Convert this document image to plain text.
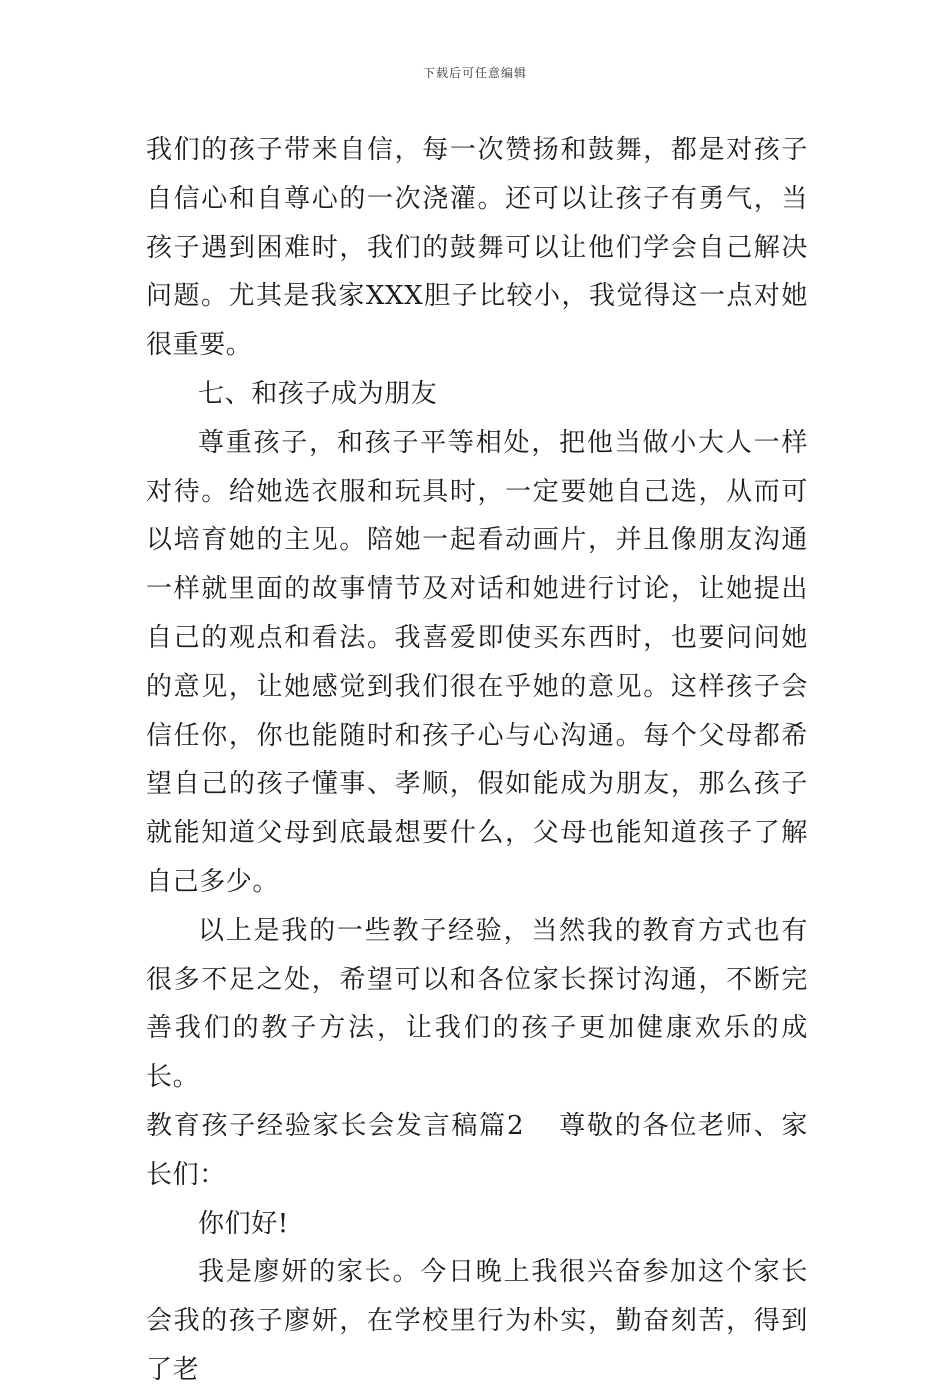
下载后可任意编辑

我们的孩子带来自信，每一次赞扬和鼓舞，都是对孩子自信心和自尊心的一次浇灌。还可以让孩子有勇气，当孩子遇到困难时，我们的鼓舞可以让他们学会自己解决问题。尤其是我家XXX胆子比较小，我觉得这一点对她很重要。

七、和孩子成为朋友

尊重孩子，和孩子平等相处，把他当做小大人一样对待。给她选衣服和玩具时，一定要她自己选，从而可以培育她的主见。陪她一起看动画片，并且像朋友沟通一样就里面的故事情节及对话和她进行讨论，让她提出自己的观点和看法。我喜爱即使买东西时，也要问问她的意见，让她感觉到我们很在乎她的意见。这样孩子会信任你，你也能随时和孩子心与心沟通。每个父母都希望自己的孩子懂事、孝顺，假如能成为朋友，那么孩子就能知道父母到底最想要什么，父母也能知道孩子了解自己多少。

以上是我的一些教子经验，当然我的教育方式也有很多不足之处，希望可以和各位家长探讨沟通，不断完善我们的教子方法，让我们的孩子更加健康欢乐的成长。

教育孩子经验家长会发言稿篇2 尊敬的各位老师、家长们：

你们好!

我是廖妍的家长。今日晚上我很兴奋参加这个家长会我的孩子廖妍，在学校里行为朴实，勤奋刻苦，得到了老
